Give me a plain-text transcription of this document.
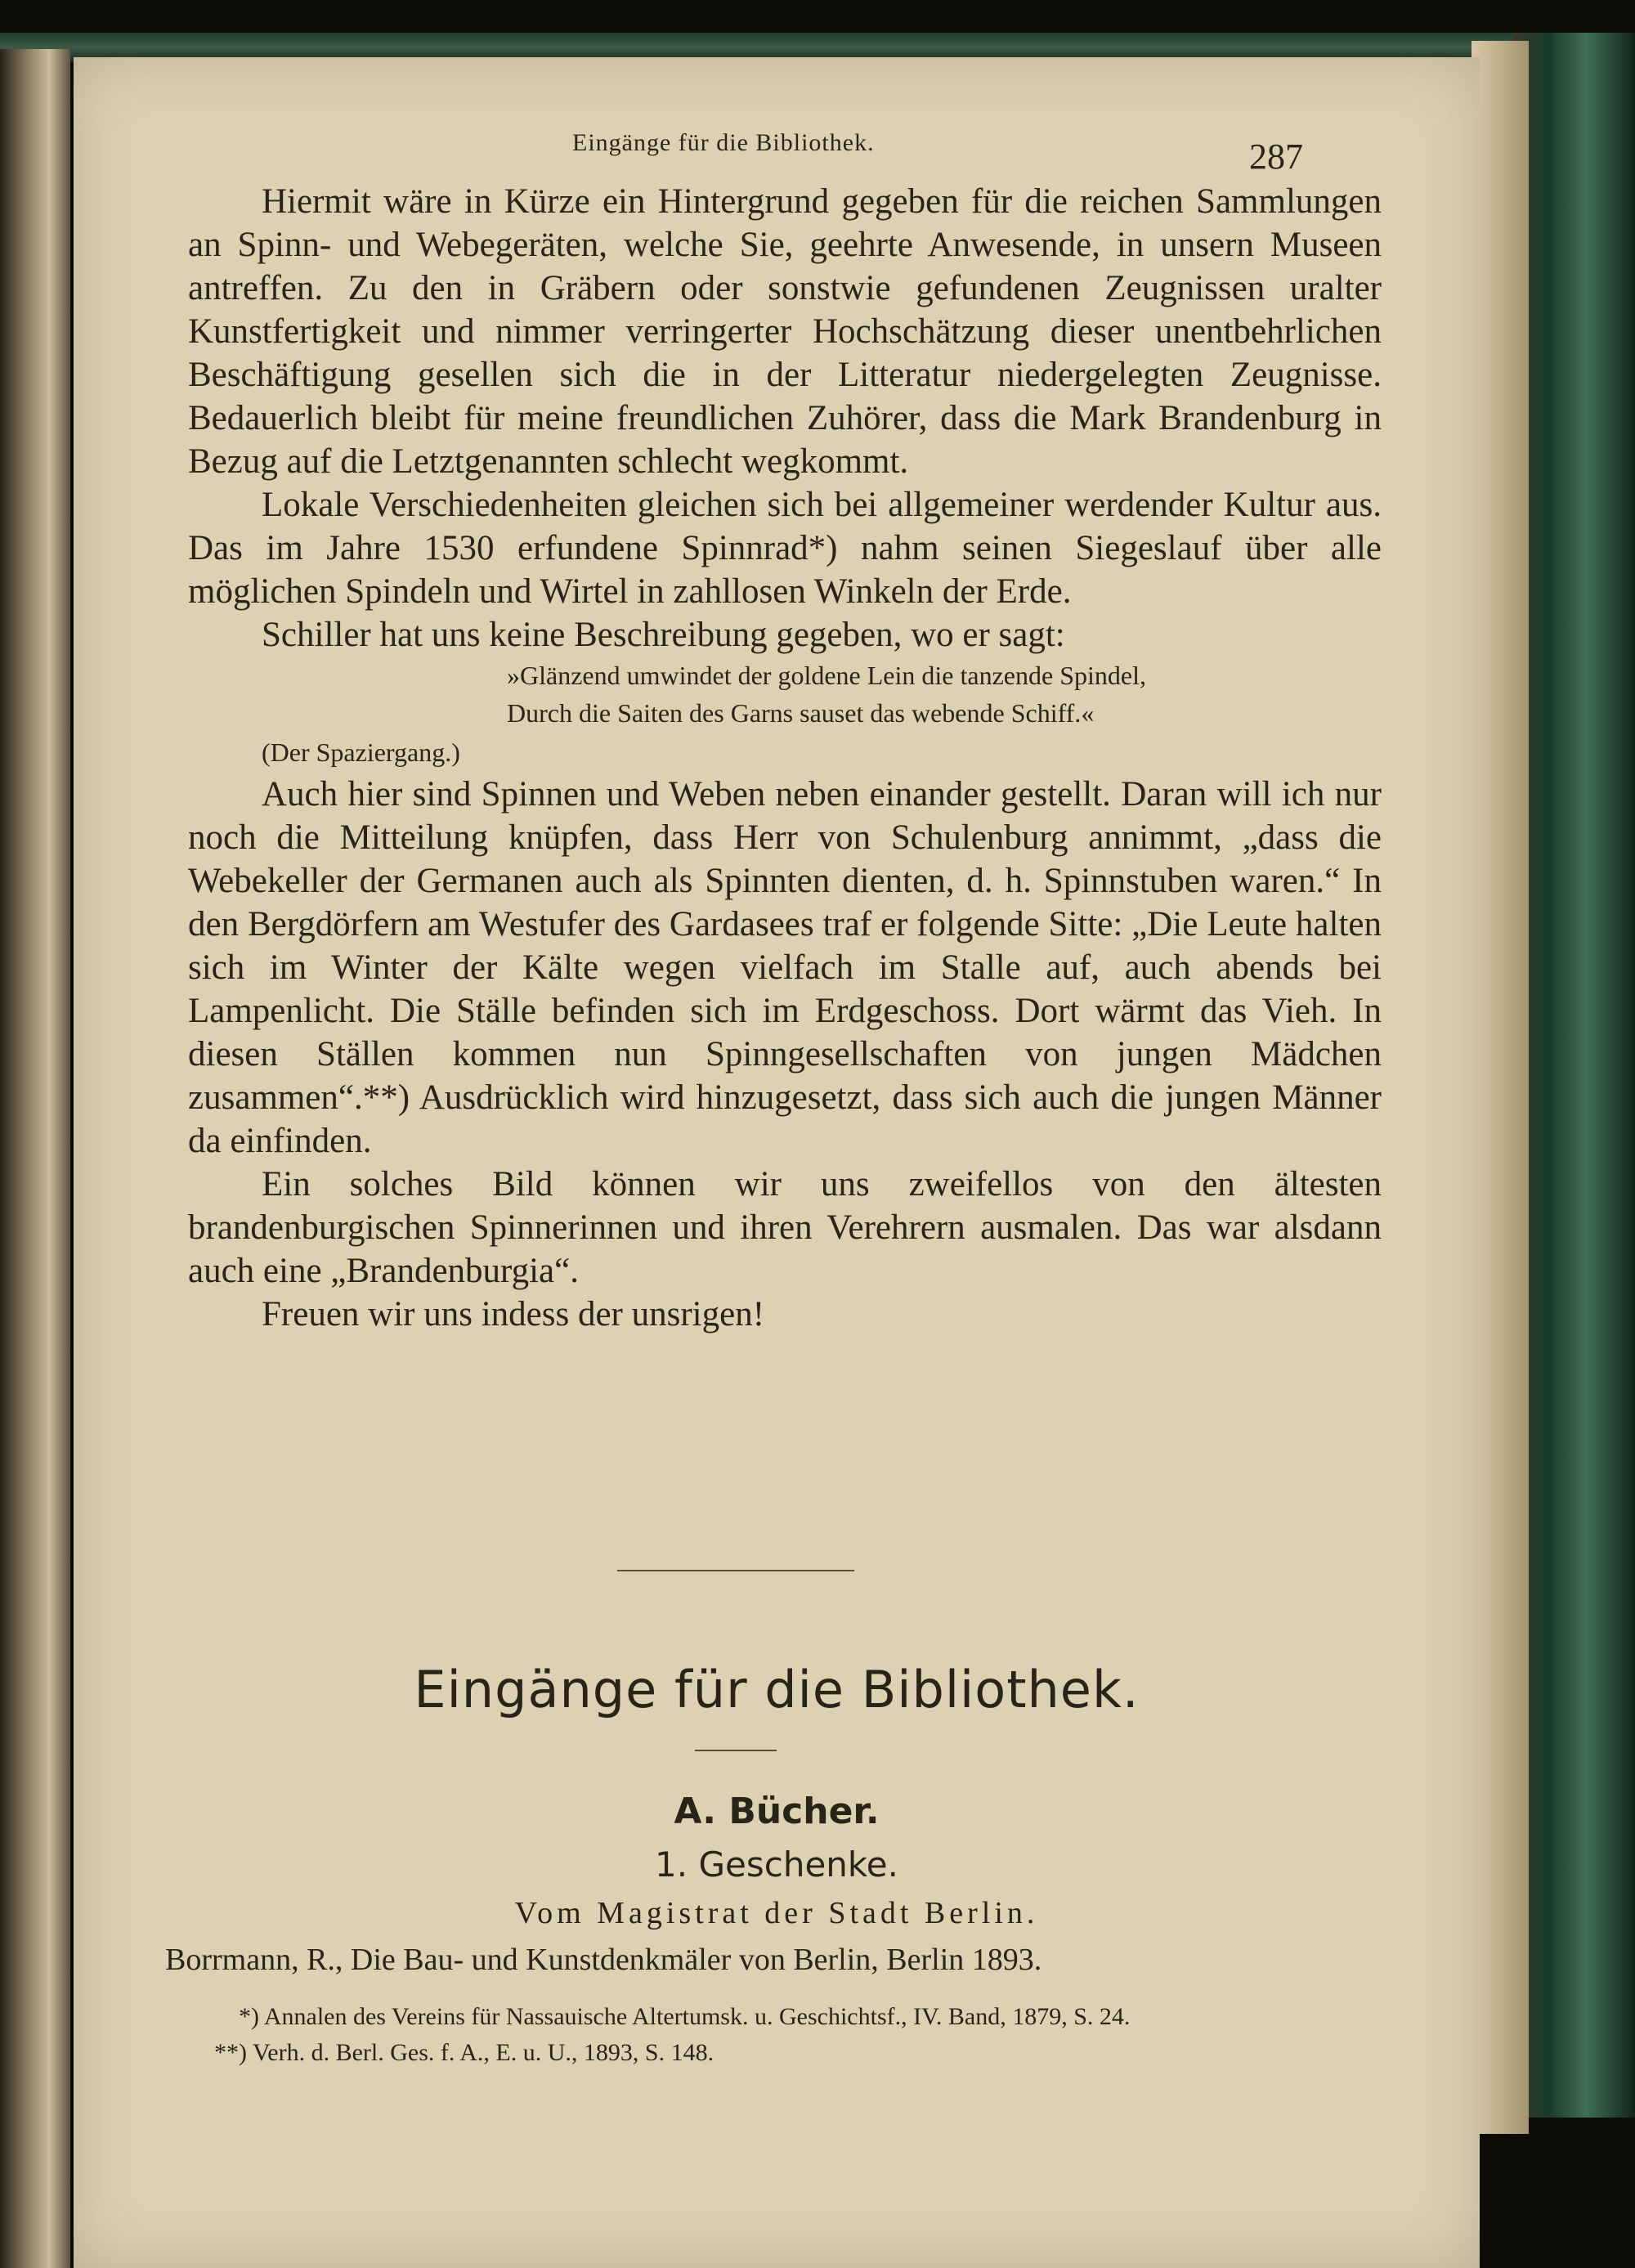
Eingänge für die Bibliothek.	287

Hiermit wäre in Kürze ein Hintergrund gegeben für die reichen Sammlungen an Spinn- und Webegeräten, welche Sie, geehrte Anwesende, in unsern Museen antreffen. Zu den in Gräbern oder sonstwie gefundenen Zeugnissen uralter Kunstfertigkeit und nimmer verringerter Hochschätzung dieser unentbehrlichen Beschäftigung gesellen sich die in der Litteratur niedergelegten Zeugnisse. Bedauerlich bleibt für meine freundlichen Zuhörer, dass die Mark Brandenburg in Bezug auf die Letztgenannten schlecht wegkommt.

Lokale Verschiedenheiten gleichen sich bei allgemeiner werdender Kultur aus. Das im Jahre 1530 erfundene Spinnrad*) nahm seinen Siegeslauf über alle möglichen Spindeln und Wirtel in zahllosen Winkeln der Erde.

Schiller hat uns keine Beschreibung gegeben, wo er sagt:

»Glänzend umwindet der goldene Lein die tanzende Spindel,

Durch die Saiten des Garns sauset das webende Schiff.«

(Der Spaziergang.)

Auch hier sind Spinnen und Weben neben einander gestellt. Daran will ich nur noch die Mitteilung knüpfen, dass Herr von Schulenburg annimmt, „dass die Webekeller der Germanen auch als Spinnten dienten, d. h. Spinnstuben waren.“ In den Bergdörfern am Westufer des Gardasees traf er folgende Sitte: „Die Leute halten sich im Winter der Kälte wegen vielfach im Stalle auf, auch abends bei Lampenlicht. Die Ställe befinden sich im Erdgeschoss. Dort wärmt das Vieh. In diesen Ställen kommen nun Spinngesellschaften von jungen Mädchen zusammen“.**) Ausdrücklich wird hinzugesetzt, dass sich auch die jungen Männer da einfinden.

Ein solches Bild können wir uns zweifellos von den ältesten brandenburgischen Spinnerinnen und ihren Verehrern ausmalen. Das war alsdann auch eine „Brandenburgia“.

Freuen wir uns indess der unsrigen!

Eingänge für die Bibliothek.
A. Bücher.
1. Geschenke.
Vom Magistrat der Stadt Berlin.
Borrmann, R., Die Bau- und Kunstdenkmäler von Berlin, Berlin 1893.

*) Annalen des Vereins für Nassauische Altertumsk. u. Geschichtsf., IV. Band, 1879, S. 24.

**) Verh. d. Berl. Ges. f. A., E. u. U., 1893, S. 148.
